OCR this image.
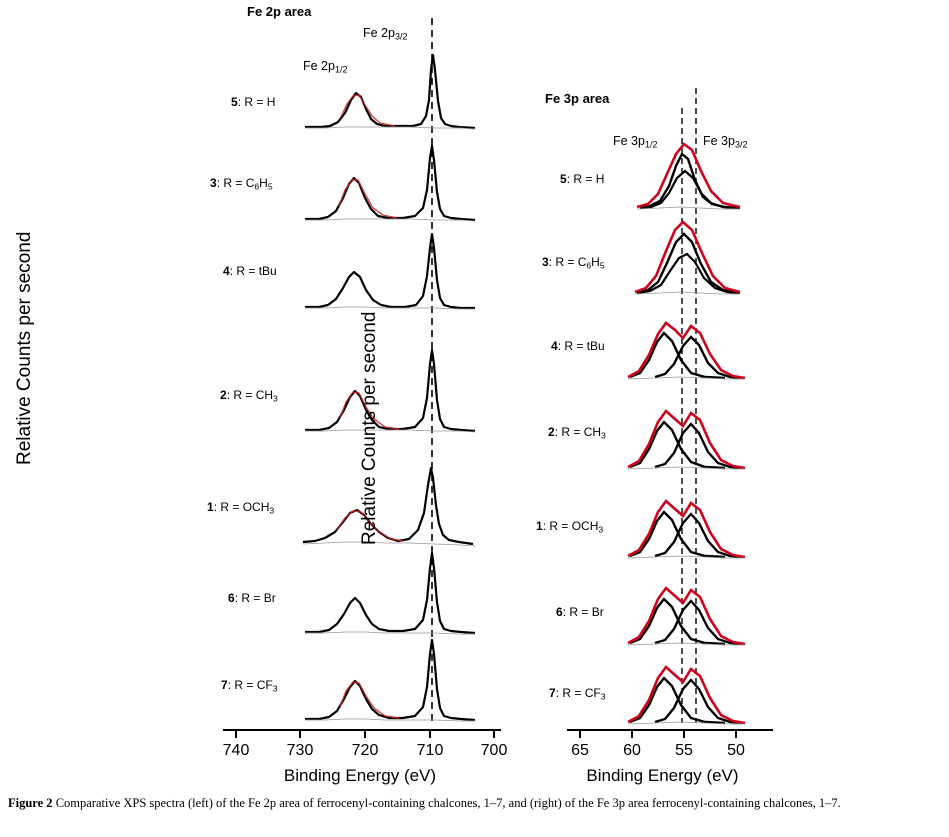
Fe 2p area
Fe $2p_{3/2}$
Fe $2p_{1/2}$
5: R = H
3: $R = C_6H_5$
4: R = tBu
2: $R = CH_3$
1: $R = OCH_3$
6: R = Br
7: $R = CF_3$
740	730	720	710	700
Binding Energy (eV)
Relative Counts per second
Fe 3p area
Fe $3p_{1/2}$	Fe $3p_{3/2}$
5: R = H
3: $R = C_6H_5$
4: R = tBu
2: $R = CH_3$
1: $R = OCH_3$
6: R = Br
7: $R = CF_3$
65	60	55	50
Binding Energy (eV)
Relative Counts per second
Figure 2 Comparative XPS spectra (left) of the Fe 2p area of ferrocenyl-containing chalcones, 1–7, and (right) of the Fe 3p area ferrocenyl-containing chalcones, 1–7.
